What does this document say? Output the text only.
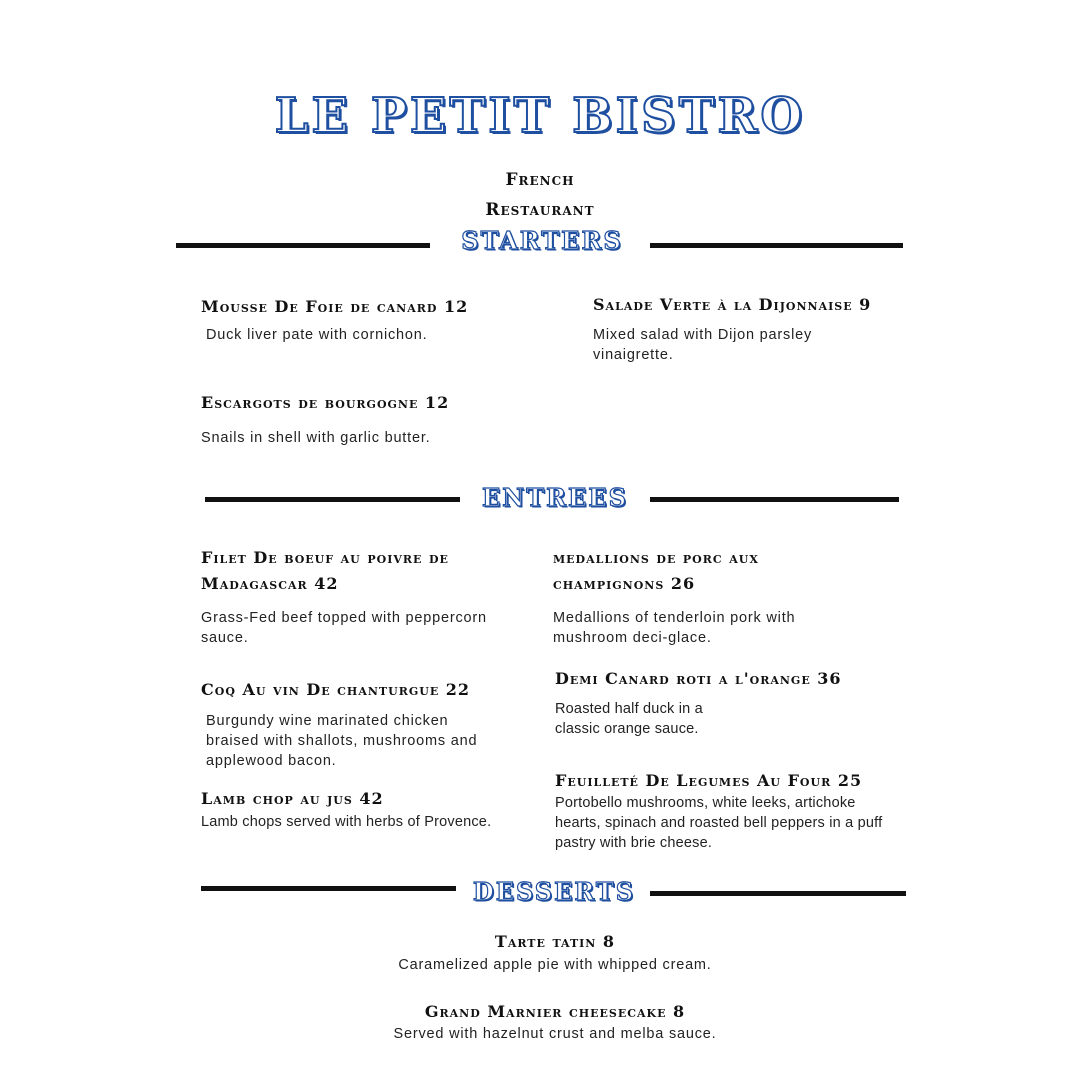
LE PETIT BISTRO
French
Restaurant
STARTERS
Mousse De Foie de canard 12
Duck liver pate with cornichon.
Salade Verte à la Dijonnaise 9
Mixed salad with Dijon parsley vinaigrette.
Escargots de bourgogne 12
Snails in shell with garlic butter.
ENTREES
Filet De boeuf au poivre de Madagascar 42
Grass-Fed beef topped with peppercorn sauce.
Coq Au vin De chanturgue 22
Burgundy wine marinated chicken braised with shallots, mushrooms and applewood bacon.
Lamb chop au jus 42
Lamb chops served with herbs of Provence.
medallions de porc aux champignons 26
Medallions of tenderloin pork with mushroom deci-glace.
Demi Canard roti a l'orange 36
Roasted half duck in a classic orange sauce.
Feuilleté De Legumes Au Four 25
Portobello mushrooms, white leeks, artichoke hearts, spinach and roasted bell peppers in a puff pastry with brie cheese.
DESSERTS
Tarte tatin 8
Caramelized apple pie with whipped cream.
Grand Marnier cheesecake 8
Served with hazelnut crust and melba sauce.
